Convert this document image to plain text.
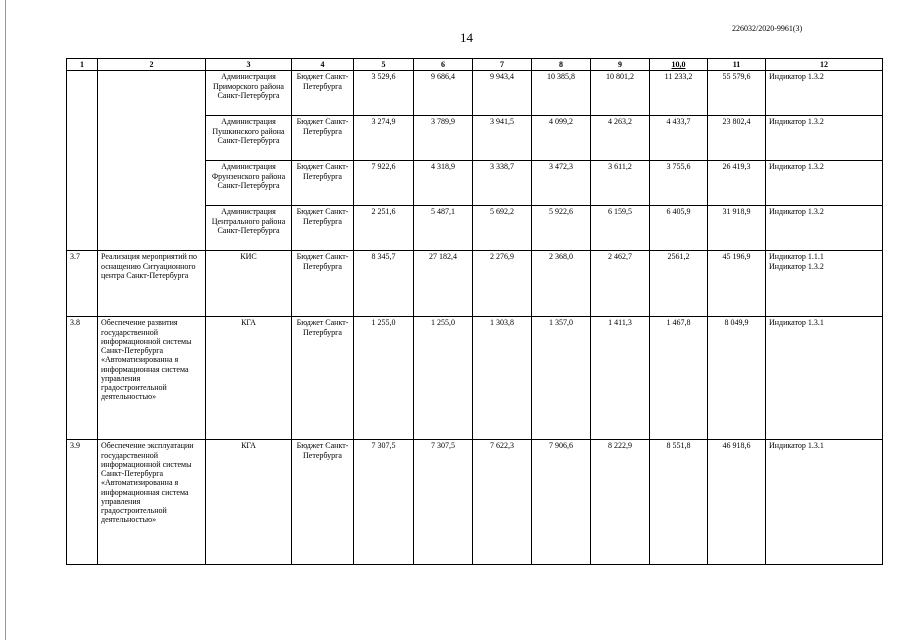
14
226032/2020-9961(3)
1	2	3	4	5	6	7	8	9	10,0	11	12
		Администрация Приморского района Санкт-Петербурга	Бюджет Санкт-Петербурга	3 529,6	9 686,4	9 943,4	10 385,8	10 801,2	11 233,2	55 579,6	Индикатор 1.3.2

		Администрация Пушкинского района Санкт-Петербурга	Бюджет Санкт-Петербурга	3 274,9	3 789,9	3 941,5	4 099,2	4 263,2	4 433,7	23 802,4	Индикатор 1.3.2

		Администрация Фрунзенского района Санкт-Петербурга	Бюджет Санкт-Петербурга	7 922,6	4 318,9	3 338,7	3 472,3	3 611,2	3 755,6	26 419,3	Индикатор 1.3.2

		Администрация Центрального района Санкт-Петербурга	Бюджет Санкт-Петербурга	2 251,6	5 487,1	5 692,2	5 922,6	6 159,5	6 405,9	31 918,9	Индикатор 1.3.2

3.7	Реализация мероприятий по оснащению Ситуационного центра Санкт-Петербурга	КИС	Бюджет Санкт-Петербурга	8 345,7	27 182,4	2 276,9	2 368,0	2 462,7	2561,2	45 196,9	Индикатор 1.1.1
Индикатор 1.3.2

3.8	Обеспечение развития государственной информационной системы Санкт-Петербурга «Автоматизированна я информационная система управления градостроительной деятельностью»	КГА	Бюджет Санкт-Петербурга	1 255,0	1 255,0	1 303,8	1 357,0	1 411,3	1 467,8	8 049,9	Индикатор 1.3.1

3.9	Обеспечение эксплуатации государственной информационной системы Санкт-Петербурга «Автоматизированна я информационная система управления градостроительной деятельностью»	КГА	Бюджет Санкт-Петербурга	7 307,5	7 307,5	7 622,3	7 906,6	8 222,9	8 551,8	46 918,6	Индикатор 1.3.1
